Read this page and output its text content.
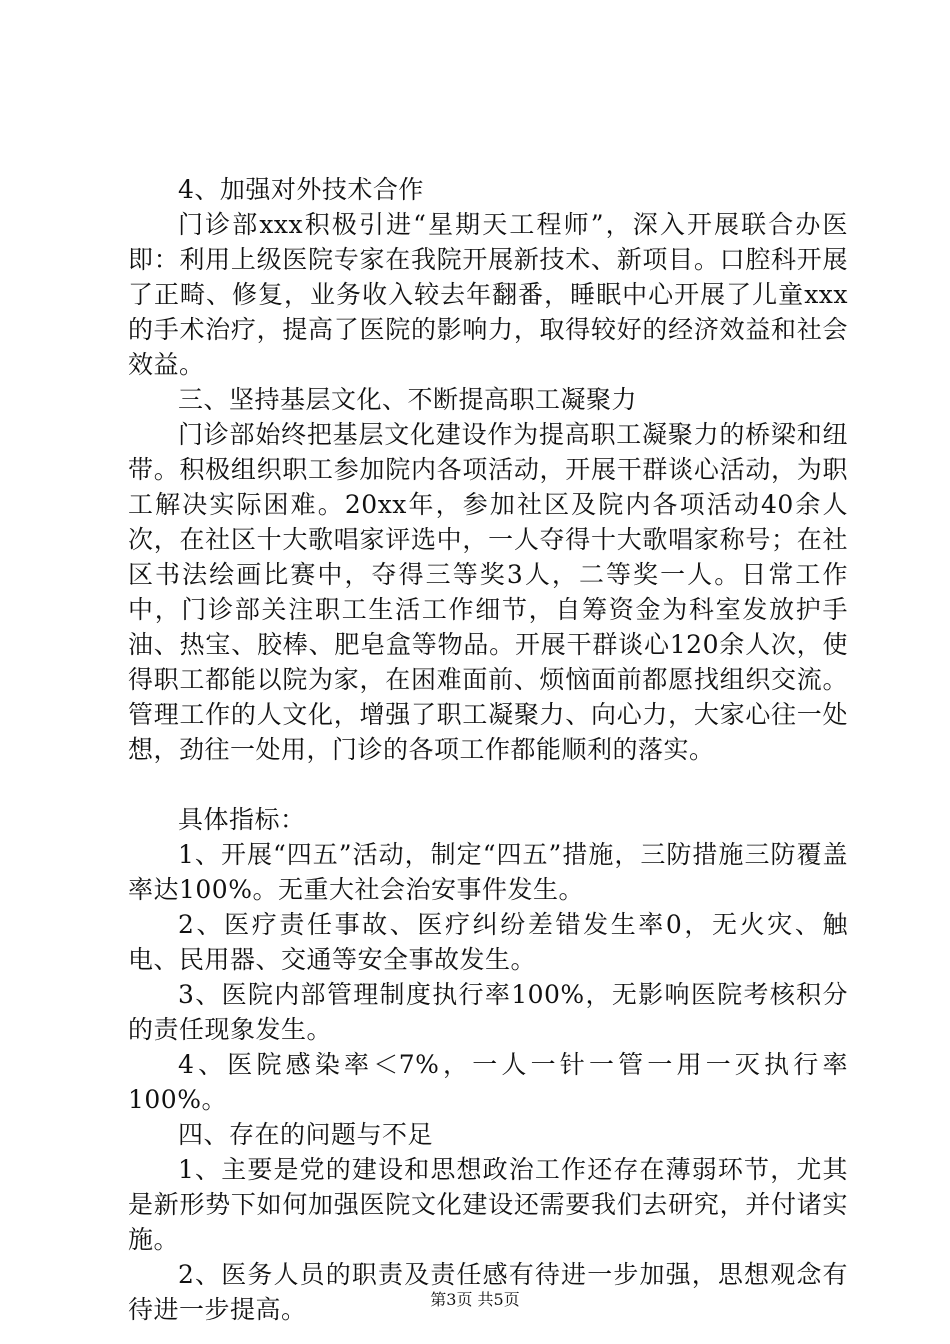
4、加强对外技术合作

门诊部xxx积极引进“星期天工程师”，深入开展联合办医即：利用上级医院专家在我院开展新技术、新项目。口腔科开展了正畸、修复，业务收入较去年翻番，睡眠中心开展了儿童xxx的手术治疗，提高了医院的影响力，取得较好的经济效益和社会效益。

三、坚持基层文化、不断提高职工凝聚力

门诊部始终把基层文化建设作为提高职工凝聚力的桥梁和纽带。积极组织职工参加院内各项活动，开展干群谈心活动，为职工解决实际困难。20xx年，参加社区及院内各项活动40余人次，在社区十大歌唱家评选中，一人夺得十大歌唱家称号；在社区书法绘画比赛中，夺得三等奖3人，二等奖一人。日常工作中，门诊部关注职工生活工作细节，自筹资金为科室发放护手油、热宝、胶棒、肥皂盒等物品。开展干群谈心120余人次，使得职工都能以院为家，在困难面前、烦恼面前都愿找组织交流。管理工作的人文化，增强了职工凝聚力、向心力，大家心往一处想，劲往一处用，门诊的各项工作都能顺利的落实。

具体指标：

1、开展“四五”活动，制定“四五”措施，三防措施三防覆盖率达100%。无重大社会治安事件发生。

2、医疗责任事故、医疗纠纷差错发生率0，无火灾、触电、民用器、交通等安全事故发生。

3、医院内部管理制度执行率100%，无影响医院考核积分的责任现象发生。

4、医院感染率＜7%，一人一针一管一用一灭执行率100%。

四、存在的问题与不足

1、主要是党的建设和思想政治工作还存在薄弱环节，尤其是新形势下如何加强医院文化建设还需要我们去研究，并付诸实施。

2、医务人员的职责及责任感有待进一步加强，思想观念有待进一步提高。	第3页 共5页
